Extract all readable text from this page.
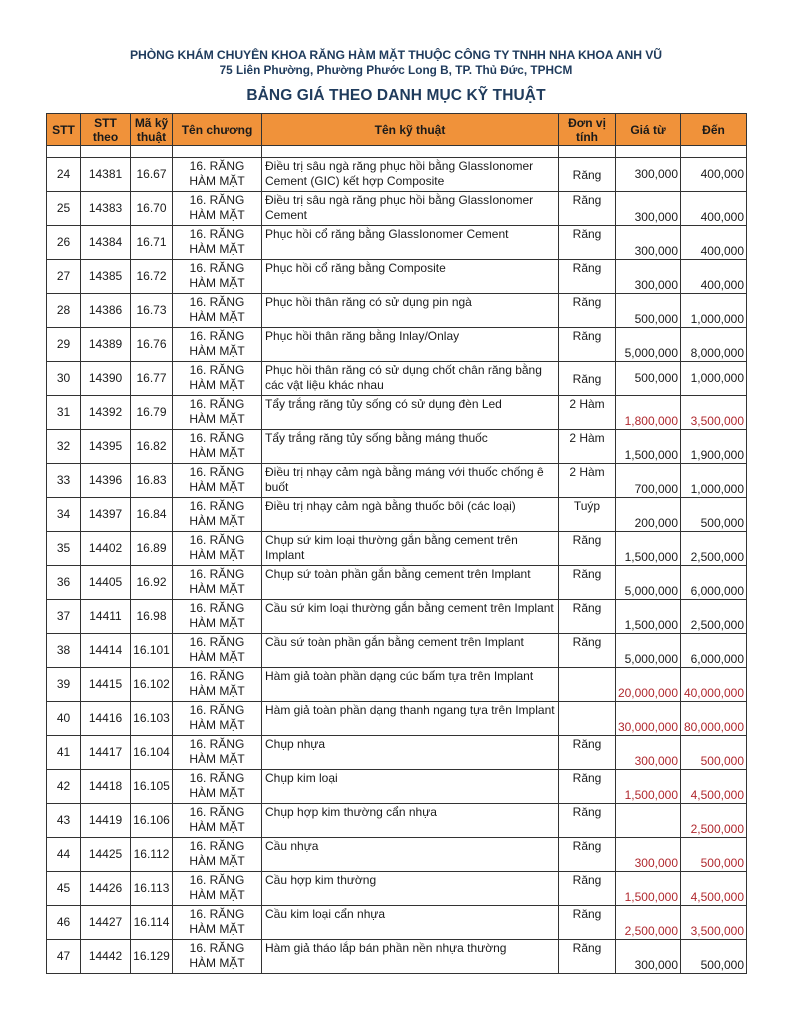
PHÒNG KHÁM CHUYÊN KHOA RĂNG HÀM MẶT THUỘC CÔNG TY TNHH NHA KHOA ANH VŨ
75 Liên Phường, Phường Phước Long B, TP. Thủ Đức, TPHCM
BẢNG GIÁ THEO DANH MỤC KỸ THUẬT
STT	STT theo	Mã kỹ thuật	Tên chương	Tên kỹ thuật	Đơn vị tính	Giá từ	Đến

24	14381	16.67	16. RĂNG HÀM MẶT	Điều trị sâu ngà răng phục hồi bằng GlassIonomer Cement (GIC) kết hợp Composite	Răng	300,000	400,000
25	14383	16.70	16. RĂNG HÀM MẶT	Điều trị sâu ngà răng phục hồi bằng GlassIonomer Cement	Răng	300,000	400,000
26	14384	16.71	16. RĂNG HÀM MẶT	Phục hồi cổ răng bằng GlassIonomer Cement	Răng	300,000	400,000
27	14385	16.72	16. RĂNG HÀM MẶT	Phục hồi cổ răng bằng Composite	Răng	300,000	400,000
28	14386	16.73	16. RĂNG HÀM MẶT	Phục hồi thân răng có sử dụng pin ngà	Răng	500,000	1,000,000
29	14389	16.76	16. RĂNG HÀM MẶT	Phục hồi thân răng bằng Inlay/Onlay	Răng	5,000,000	8,000,000
30	14390	16.77	16. RĂNG HÀM MẶT	Phục hồi thân răng có sử dụng chốt chân răng bằng các vật liệu khác nhau	Răng	500,000	1,000,000
31	14392	16.79	16. RĂNG HÀM MẶT	Tẩy trắng răng tủy sống có sử dụng đèn Led	2 Hàm	1,800,000	3,500,000
32	14395	16.82	16. RĂNG HÀM MẶT	Tẩy trắng răng tủy sống bằng máng thuốc	2 Hàm	1,500,000	1,900,000
33	14396	16.83	16. RĂNG HÀM MẶT	Điều trị nhạy cảm ngà bằng máng với thuốc chống ê buốt	2 Hàm	700,000	1,000,000
34	14397	16.84	16. RĂNG HÀM MẶT	Điều trị nhạy cảm ngà bằng thuốc bôi (các loại)	Tuýp	200,000	500,000
35	14402	16.89	16. RĂNG HÀM MẶT	Chụp sứ kim loại thường gắn bằng cement trên Implant	Răng	1,500,000	2,500,000
36	14405	16.92	16. RĂNG HÀM MẶT	Chụp sứ toàn phần gắn bằng cement trên Implant	Răng	5,000,000	6,000,000
37	14411	16.98	16. RĂNG HÀM MẶT	Cầu sứ kim loại thường gắn bằng cement trên Implant	Răng	1,500,000	2,500,000
38	14414	16.101	16. RĂNG HÀM MẶT	Cầu sứ toàn phần gắn bằng cement trên Implant	Răng	5,000,000	6,000,000
39	14415	16.102	16. RĂNG HÀM MẶT	Hàm giả toàn phần dạng cúc bấm tựa trên Implant		20,000,000	40,000,000
40	14416	16.103	16. RĂNG HÀM MẶT	Hàm giả toàn phần dạng thanh ngang tựa trên Implant		30,000,000	80,000,000
41	14417	16.104	16. RĂNG HÀM MẶT	Chụp nhựa	Răng	300,000	500,000
42	14418	16.105	16. RĂNG HÀM MẶT	Chụp kim loại	Răng	1,500,000	4,500,000
43	14419	16.106	16. RĂNG HÀM MẶT	Chụp hợp kim thường cẩn nhựa	Răng		2,500,000
44	14425	16.112	16. RĂNG HÀM MẶT	Cầu nhựa	Răng	300,000	500,000
45	14426	16.113	16. RĂNG HÀM MẶT	Cầu hợp kim thường	Răng	1,500,000	4,500,000
46	14427	16.114	16. RĂNG HÀM MẶT	Cầu kim loại cẩn nhựa	Răng	2,500,000	3,500,000
47	14442	16.129	16. RĂNG HÀM MẶT	Hàm giả tháo lắp bán phần nền nhựa thường	Răng	300,000	500,000
